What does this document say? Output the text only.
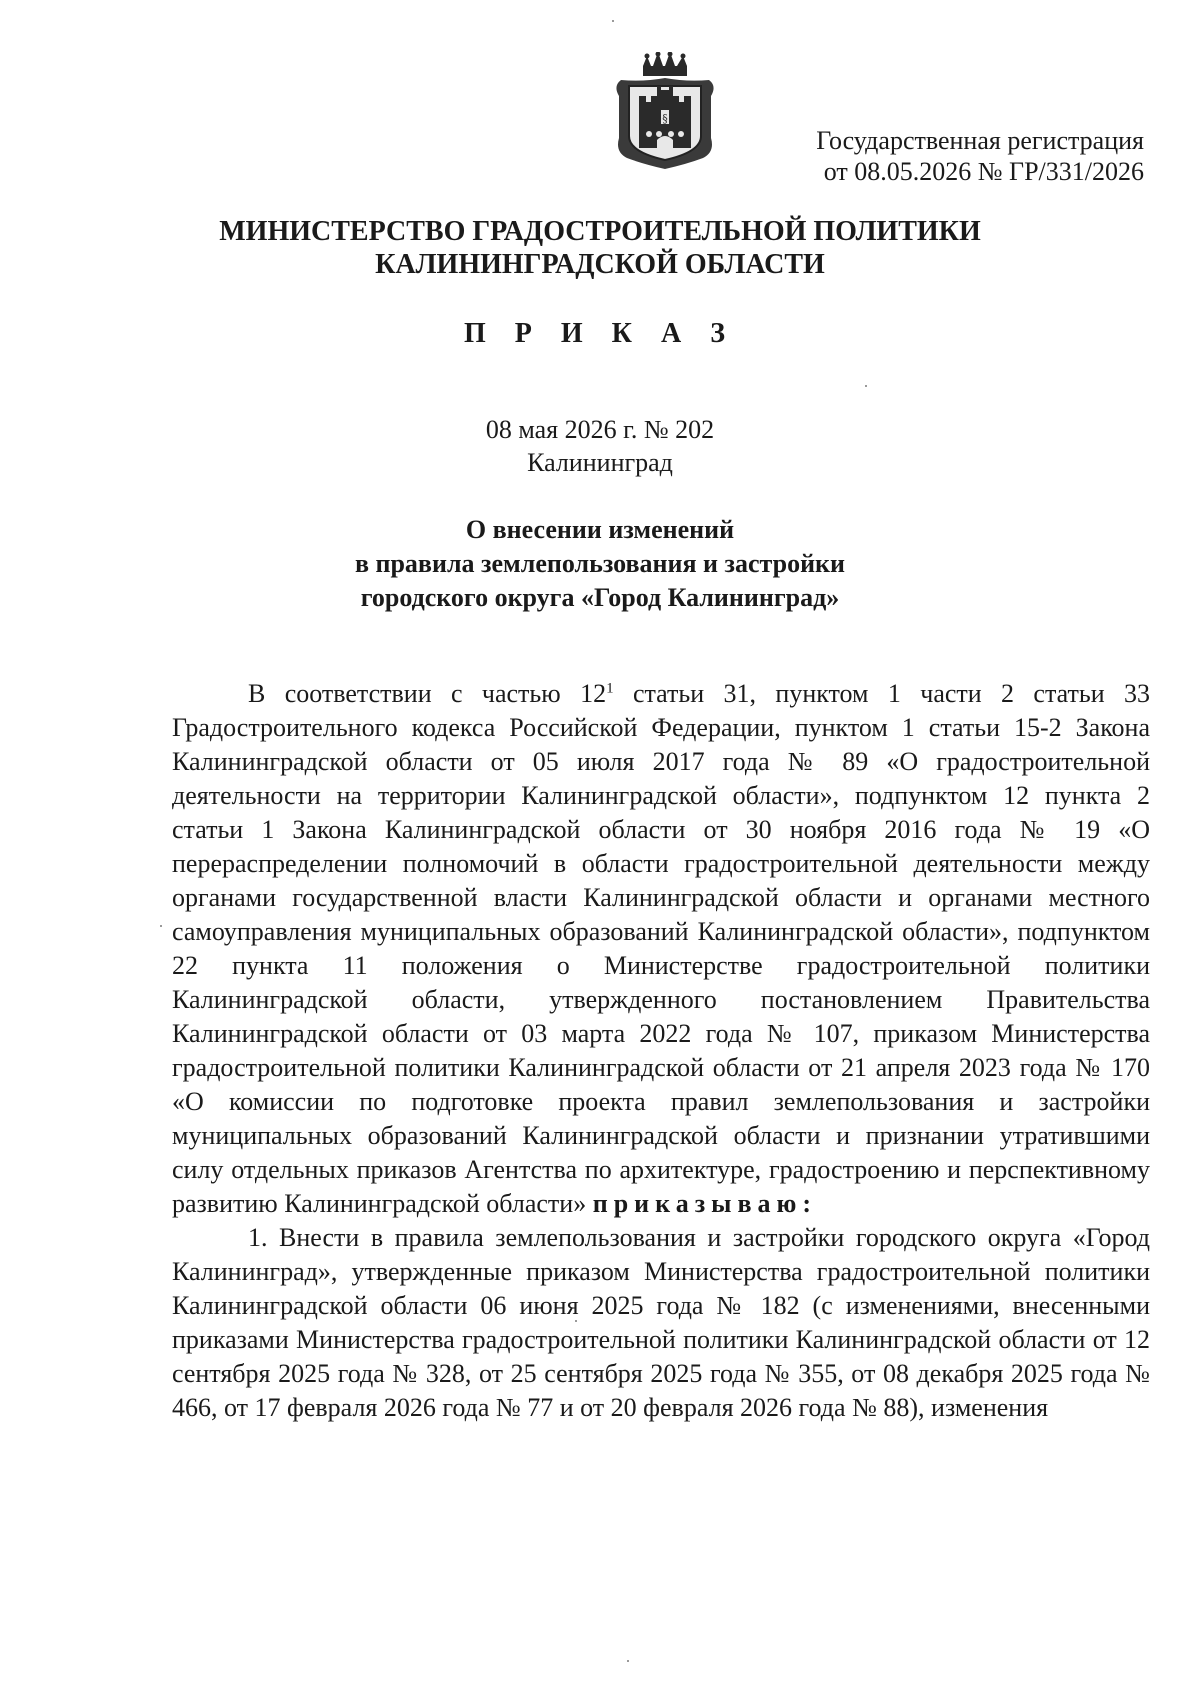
§
Государственная регистрация
от 08.05.2026 № ГР/331/2026
МИНИСТЕРСТВО ГРАДОСТРОИТЕЛЬНОЙ ПОЛИТИКИ
КАЛИНИНГРАДСКОЙ ОБЛАСТИ
П Р И К А З
08 мая 2026 г. № 202
Калининград
О внесении изменений
в правила землепользования и застройки
городского округа «Город Калининград»

В соответствии с частью $12^1$ статьи 31, пунктом 1 части 2 статьи 33 Градостроительного кодекса Российской Федерации, пунктом 1 статьи 15-2 Закона Калининградской области от 05 июля 2017 года № 89 «О градостроительной деятельности на территории Калининградской области», подпунктом 12 пункта 2 статьи 1 Закона Калининградской области от 30 ноября 2016 года № 19 «О перераспределении полномочий в области градостроительной деятельности между органами государственной власти Калининградской области и органами местного самоуправления муниципальных образований Калининградской области», подпунктом 22 пункта 11 положения о Министерстве градостроительной политики Калининградской области, утвержденного постановлением Правительства Калининградской области от 03 марта 2022 года № 107, приказом Министерства градостроительной политики Калининградской области от 21 апреля 2023 года № 170 «О комиссии по подготовке проекта правил землепользования и застройки муниципальных образований Калининградской области и признании утратившими силу отдельных приказов Агентства по архитектуре, градостроению и перспективному развитию Калининградской области» приказываю:

1. Внести в правила землепользования и застройки городского округа «Город Калининград», утвержденные приказом Министерства градостроительной политики Калининградской области 06 июня 2025 года № 182 (с изменениями, внесенными приказами Министерства градостроительной политики Калининградской области от 12 сентября 2025 года № 328, от 25 сентября 2025 года № 355, от 08 декабря 2025 года № 466, от 17 февраля 2026 года № 77 и от 20 февраля 2026 года № 88), изменения
